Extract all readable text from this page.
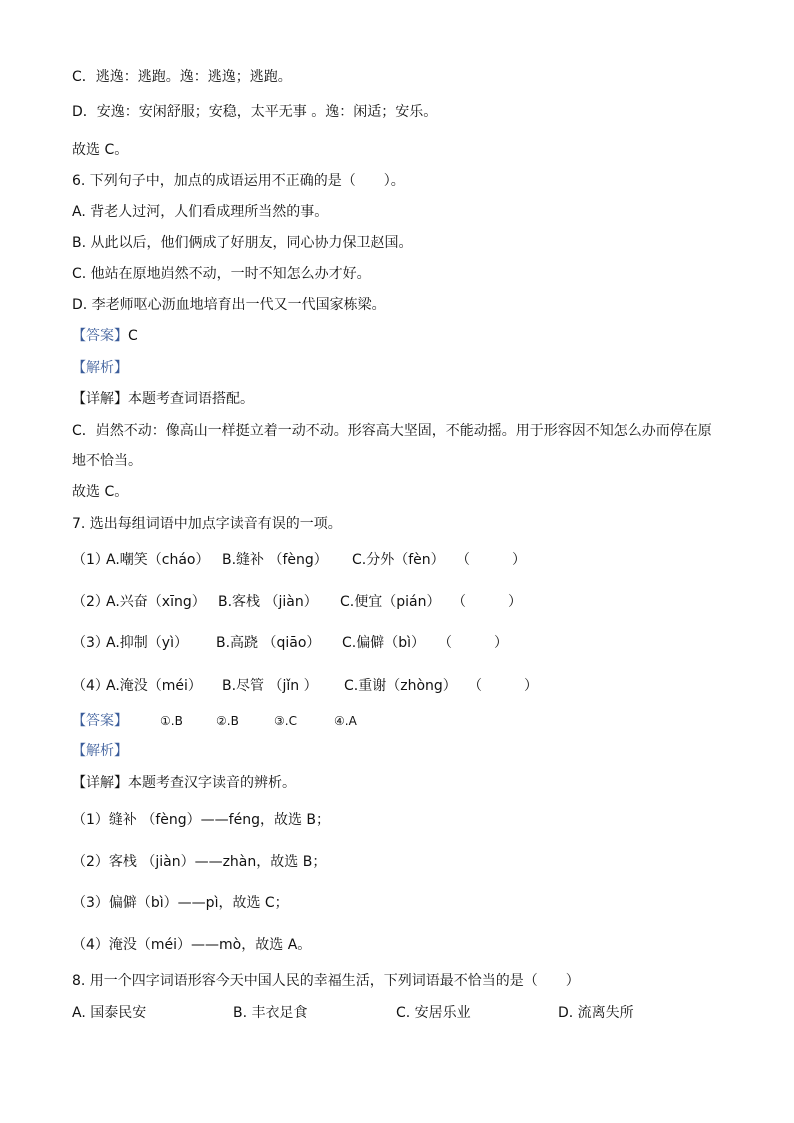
C．逃逸：逃跑。逸：逃逸；逃跑。
D．安逸：安闲舒服；安稳，太平无事 。逸：闲适；安乐。
故选 C。
6. 下列句子中，加点的成语运用不正确的是（　　）。
A. 背老人过河，人们看成理所当然的事。
B. 从此以后，他们俩成了好朋友，同心协力保卫赵国。
C. 他站在原地岿然不动，一时不知怎么办才好。
D. 李老师呕心沥血地培育出一代又一代国家栋梁。
【答案】C
【解析】
【详解】本题考查词语搭配。
C．岿然不动：像高山一样挺立着一动不动。形容高大坚固，不能动摇。用于形容因不知怎么办而停在原地不恰当。
故选 C。
7. 选出每组词语中加点字读音有误的一项。
（1）
A.嘲笑（cháo） B.缝补 （fèng） C.分外（fèn） （　　　）
（2）
A.兴奋（xīng） B.客栈 （jiàn） C.便宜（pián） （　　　）
（3）
A.抑制（yì） B.高跷 （qiāo） C.偏僻（bì） （　　　）
（4）
A.淹没（méi） B.尽管 （jǐn ） C.重谢（zhòng） （　　　）
【答案】	①.B	②.B	③.C	④.A
【解析】
【详解】本题考查汉字读音的辨析。
（1）缝补 （fèng）——féng，故选 B；
（2）客栈 （jiàn）——zhàn，故选 B；
（3）偏僻（bì）——pì，故选 C；
（4）淹没（méi）——mò，故选 A。
8. 用一个四字词语形容今天中国人民的幸福生活，下列词语最不恰当的是（　　）
A. 国泰民安	B. 丰衣足食	C. 安居乐业	D. 流离失所
